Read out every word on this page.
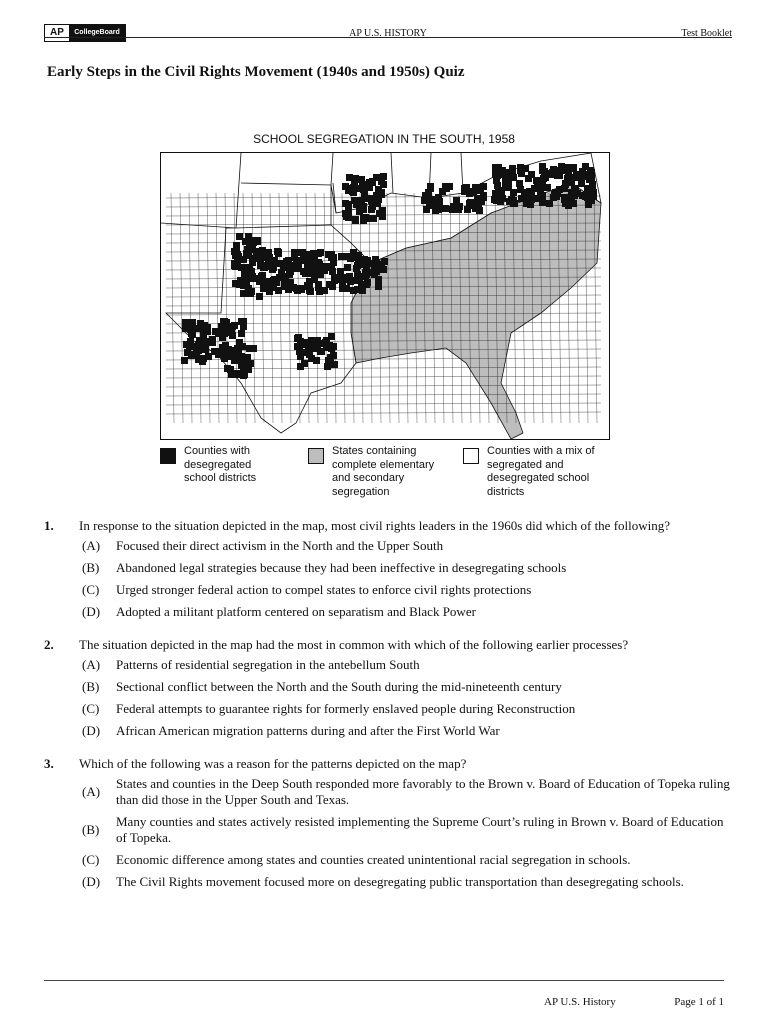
AP	CollegeBoard	AP U.S. HISTORY	Test Booklet
Early Steps in the Civil Rights Movement (1940s and 1950s) Quiz
SCHOOL SEGREGATION IN THE SOUTH, 1958
Counties with
desegregated
school districts
States containing
complete elementary
and secondary
segregation
Counties with a mix of
segregated and
desegregated school
districts
1.	In response to the situation depicted in the map, most civil rights leaders in the 1960s did which of the following?
(A)	Focused their direct activism in the North and the Upper South
(B)	Abandoned legal strategies because they had been ineffective in desegregating schools
(C)	Urged stronger federal action to compel states to enforce civil rights protections
(D)	Adopted a militant platform centered on separatism and Black Power
2.	The situation depicted in the map had the most in common with which of the following earlier processes?
(A)	Patterns of residential segregation in the antebellum South
(B)	Sectional conflict between the North and the South during the mid-nineteenth century
(C)	Federal attempts to guarantee rights for formerly enslaved people during Reconstruction
(D)	African American migration patterns during and after the First World War
3.	Which of the following was a reason for the patterns depicted on the map?
(A)
States and counties in the Deep South responded more favorably to the Brown v. Board of Education of Topeka ruling than did those in the Upper South and Texas.
(B)
Many counties and states actively resisted implementing the Supreme Court’s ruling in Brown v. Board of Education of Topeka.
(C)	Economic difference among states and counties created unintentional racial segregation in schools.
(D)	The Civil Rights movement focused more on desegregating public transportation than desegregating schools.
AP U.S. History	Page 1 of 1
